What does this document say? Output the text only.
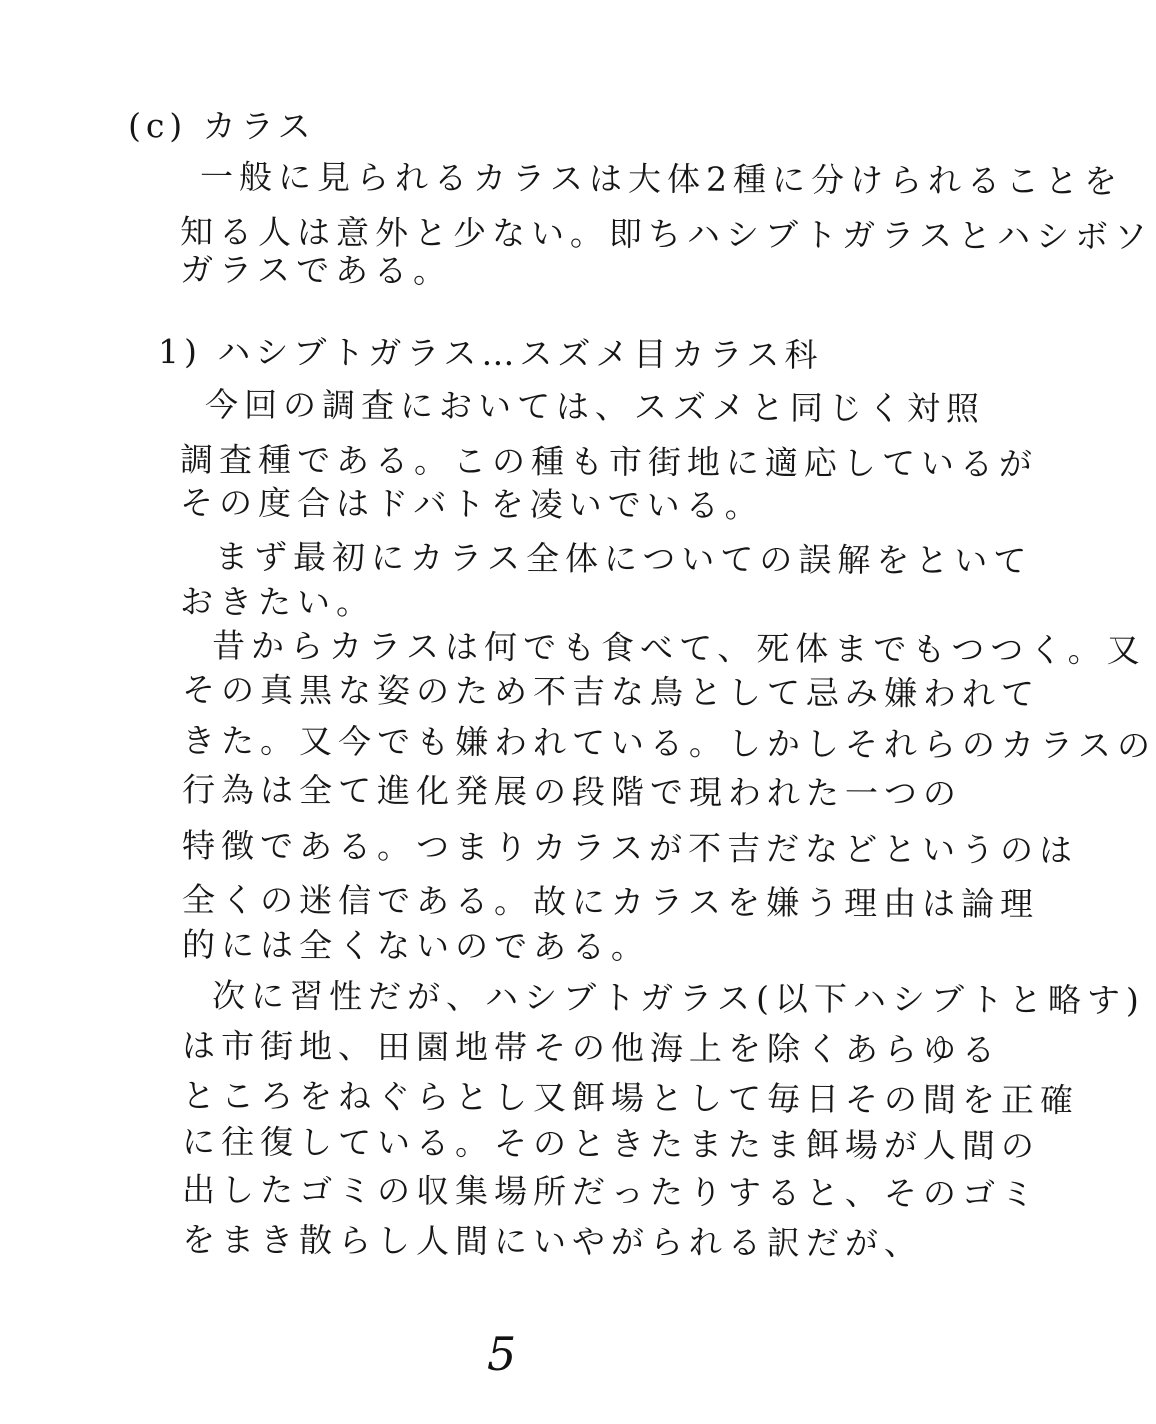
(c) カラス
一般に見られるカラスは大体2種に分けられることを
知る人は意外と少ない。即ちハシブトガラスとハシボソ
ガラスである。
1) ハシブトガラス…スズメ目カラス科
今回の調査においては、スズメと同じく対照
調査種である。この種も市街地に適応しているが
その度合はドバトを凌いでいる。
まず最初にカラス全体についての誤解をといて
おきたい。
昔からカラスは何でも食べて、死体までもつつく。又
その真黒な姿のため不吉な鳥として忌み嫌われて
きた。又今でも嫌われている。しかしそれらのカラスの
行為は全て進化発展の段階で現われた一つの
特徴である。つまりカラスが不吉だなどというのは
全くの迷信である。故にカラスを嫌う理由は論理
的には全くないのである。
次に習性だが、ハシブトガラス(以下ハシブトと略す)
は市街地、田園地帯その他海上を除くあらゆる
ところをねぐらとし又餌場として毎日その間を正確
に往復している。そのときたまたま餌場が人間の
出したゴミの収集場所だったりすると、そのゴミ
をまき散らし人間にいやがられる訳だが、
5
